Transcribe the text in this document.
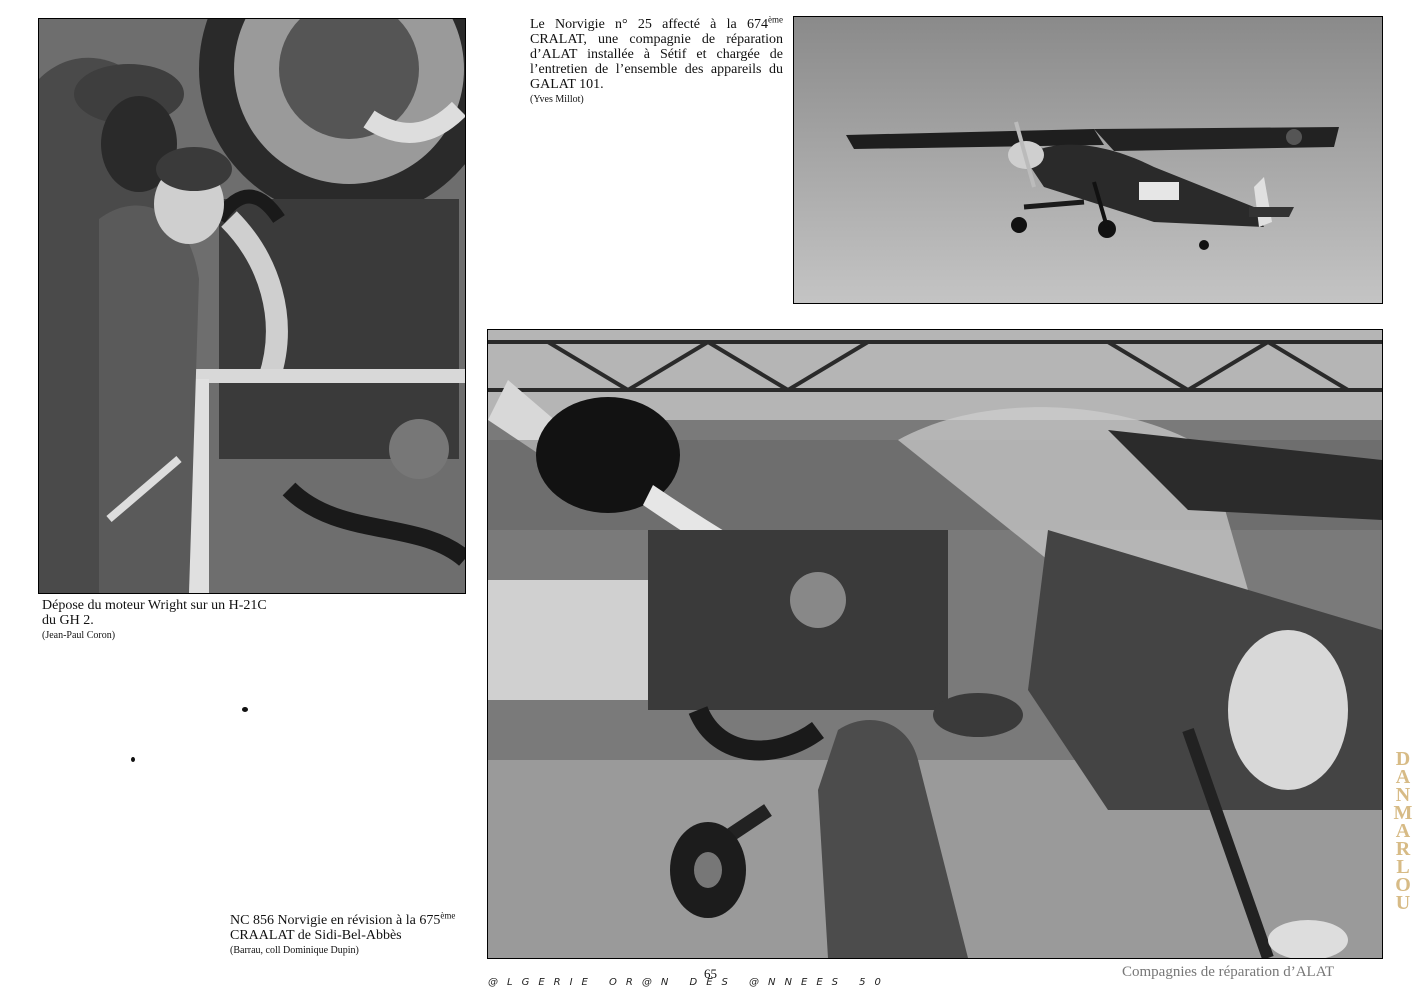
Dépose du moteur Wright sur un H-21C
du GH 2.
(Jean-Paul Coron)
Le Norvigie n° 25 affecté à la 674ème CRALAT, une compagnie de réparation d’ALAT installée à Sétif et chargée de l’entretien de l’ensemble des appareils du GALAT 101.
(Yves Millot)
NC 856 Norvigie en révision à la 675ème
CRAALAT de Sidi-Bel-Abbès
(Barrau, coll Dominique Dupin)
65
@LGERIE OR@N DES @NNEES 50
Compagnies de réparation d’ALAT
DANMARLOU
